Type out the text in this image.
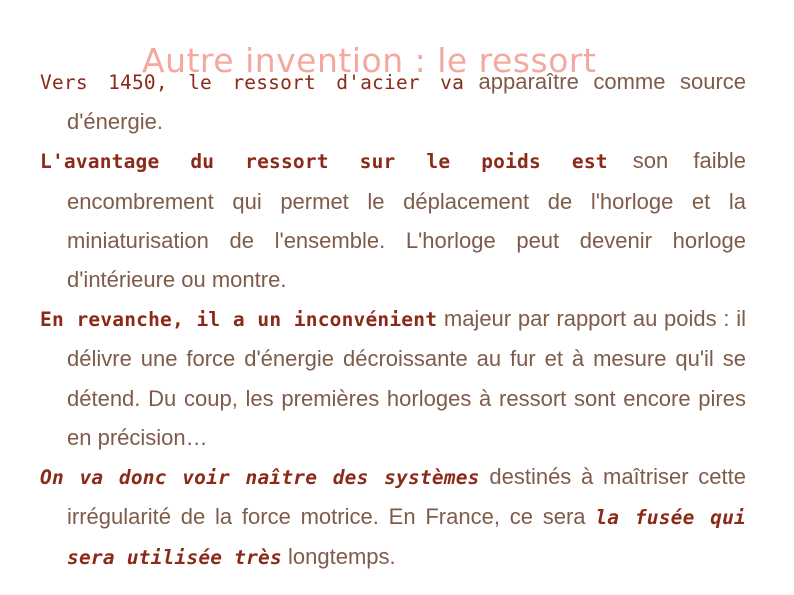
Vers 1450, le ressort d'acier va apparaître comme source d'énergie.

L'avantage du ressort sur le poids est son faible encombrement qui permet le déplacement de l'horloge et la miniaturisation de l'ensemble. L'horloge peut devenir horloge d'intérieure ou montre.

En revanche, il a un inconvénient majeur par rapport au poids : il délivre une force d'énergie décroissante au fur et à mesure qu'il se détend. Du coup, les premières horloges à ressort sont encore pires en précision…

On va donc voir naître des systèmes destinés à maîtriser cette irrégularité de la force motrice. En France, ce sera la fusée qui sera utilisée très longtemps.

Autre invention : le ressort
